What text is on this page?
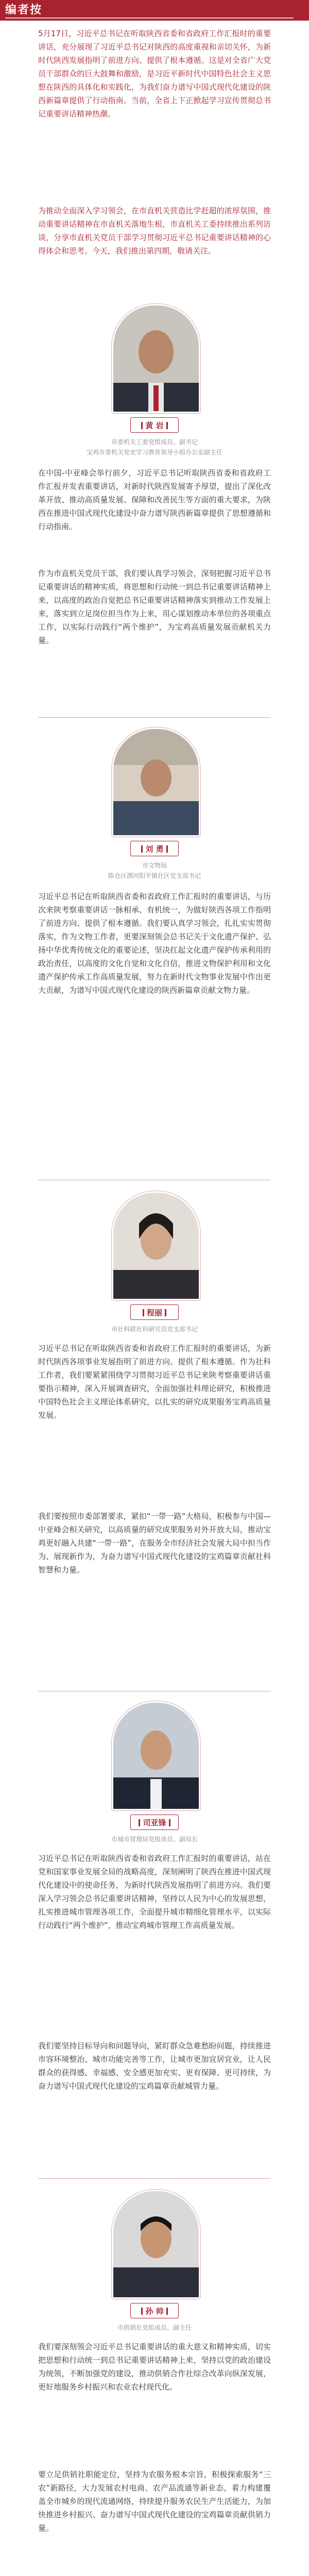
编者按

5月17日，习近平总书记在听取陕西省委和省政府工作汇报时的重要讲话，充分展现了习近平总书记对陕西的高度重视和亲切关怀，为新时代陕西发展指明了前进方向、提供了根本遵循。这是对全省广大党员干部群众的巨大鼓舞和激励，是习近平新时代中国特色社会主义思想在陕西的具体化和实践化，为我们奋力谱写中国式现代化建设的陕西新篇章提供了行动指南。当前，全省上下正掀起学习宣传贯彻总书记重要讲话精神热潮。

为推动全面深入学习领会，在市直机关营造比学赶超的浓厚氛围，推动重要讲话精神在市直机关落地生根，市直机关工委持续推出系列访谈，分享市直机关党员干部学习贯彻习近平总书记重要讲话精神的心得体会和思考。今天，我们推出第四期，敬请关注。

黄 岩
市委机关工委党组成员、副书记
宝鸡市委机关党史学习教育领导小组办公室副主任

在中国-中亚峰会举行前夕，习近平总书记听取陕西省委和省政府工作汇报并发表重要讲话，对新时代陕西发展寄予厚望，提出了深化改革开放、推动高质量发展、保障和改善民生等方面的重大要求，为陕西在推进中国式现代化建设中奋力谱写陕西新篇章提供了思想遵循和行动指南。

作为市直机关党员干部，我们要认真学习领会，深刻把握习近平总书记重要讲话的精神实质，将思想和行动统一到总书记重要讲话精神上来，以高度的政治自觉把总书记重要讲话精神落实到推动工作发展上来，落实到立足岗位担当作为上来，用心谋划推动本单位的各项重点工作，以实际行动践行“两个维护”，为宝鸡高质量发展贡献机关力量。

刘 勇
市文物局
陈仓区渭河阳平镇社区党支部书记

习近平总书记在听取陕西省委和省政府工作汇报时的重要讲话，与历次来陕考察重要讲话一脉相承、有机统一，为做好陕西各项工作指明了前进方向、提供了根本遵循。我们要认真学习领会，扎扎实实贯彻落实，作为文物工作者，更要深刻领会总书记关于文化遗产保护、弘扬中华优秀传统文化的重要论述，坚决扛起文化遗产保护传承利用的政治责任，以高度的文化自觉和文化自信，推进文物保护利用和文化遗产保护传承工作高质量发展，努力在新时代文物事业发展中作出更大贡献，为谱写中国式现代化建设的陕西新篇章贡献文物力量。

程丽
市社科联社科研究员党支部书记

习近平总书记在听取陕西省委和省政府工作汇报时的重要讲话，为新时代陕西各项事业发展指明了前进方向、提供了根本遵循。作为社科工作者，我们要紧紧围绕学习贯彻习近平总书记来陕考察重要讲话重要指示精神，深入开展调查研究，全面加强社科理论研究，积极推进中国特色社会主义理论体系研究，以扎实的研究成果服务宝鸡高质量发展。

我们要按照市委部署要求，紧扣“一带一路”大格局，积极参与中国—中亚峰会相关研究，以高质量的研究成果服务对外开放大局，推动宝鸡更好融入共建“一带一路”，在服务全市经济社会发展大局中担当作为、展现新作为，为奋力谱写中国式现代化建设的宝鸡篇章贡献社科智慧和力量。

司亚锋
市城市管理局党组成员、副局长

习近平总书记在听取陕西省委和省政府工作汇报时的重要讲话，站在党和国家事业发展全局的战略高度，深刻阐明了陕西在推进中国式现代化建设中的使命任务，为新时代陕西发展指明了前进方向。我们要深入学习领会总书记重要讲话精神，坚持以人民为中心的发展思想，扎实推进城市管理各项工作，全面提升城市精细化管理水平，以实际行动践行“两个维护”，推动宝鸡城市管理工作高质量发展。

我们要坚持目标导向和问题导向，紧盯群众急难愁盼问题，持续推进市容环境整治、城市功能完善等工作，让城市更加宜居宜业，让人民群众的获得感、幸福感、安全感更加充实、更有保障、更可持续，为奋力谱写中国式现代化建设的宝鸡篇章贡献城管力量。

孙 帅
市供销社党组成员、副主任

我们要深刻领会习近平总书记重要讲话的重大意义和精神实质，切实把思想和行动统一到总书记重要讲话精神上来，坚持以党的政治建设为统领，不断加强党的建设，推动供销合作社综合改革向纵深发展，更好地服务乡村振兴和农业农村现代化。

要立足供销社职能定位，坚持为农服务根本宗旨，积极探索服务“三农”新路径，大力发展农村电商、农产品流通等新业态，着力构建覆盖全市城乡的现代流通网络，持续提升服务农民生产生活能力，为加快推进乡村振兴、奋力谱写中国式现代化建设的宝鸡篇章贡献供销力量。
